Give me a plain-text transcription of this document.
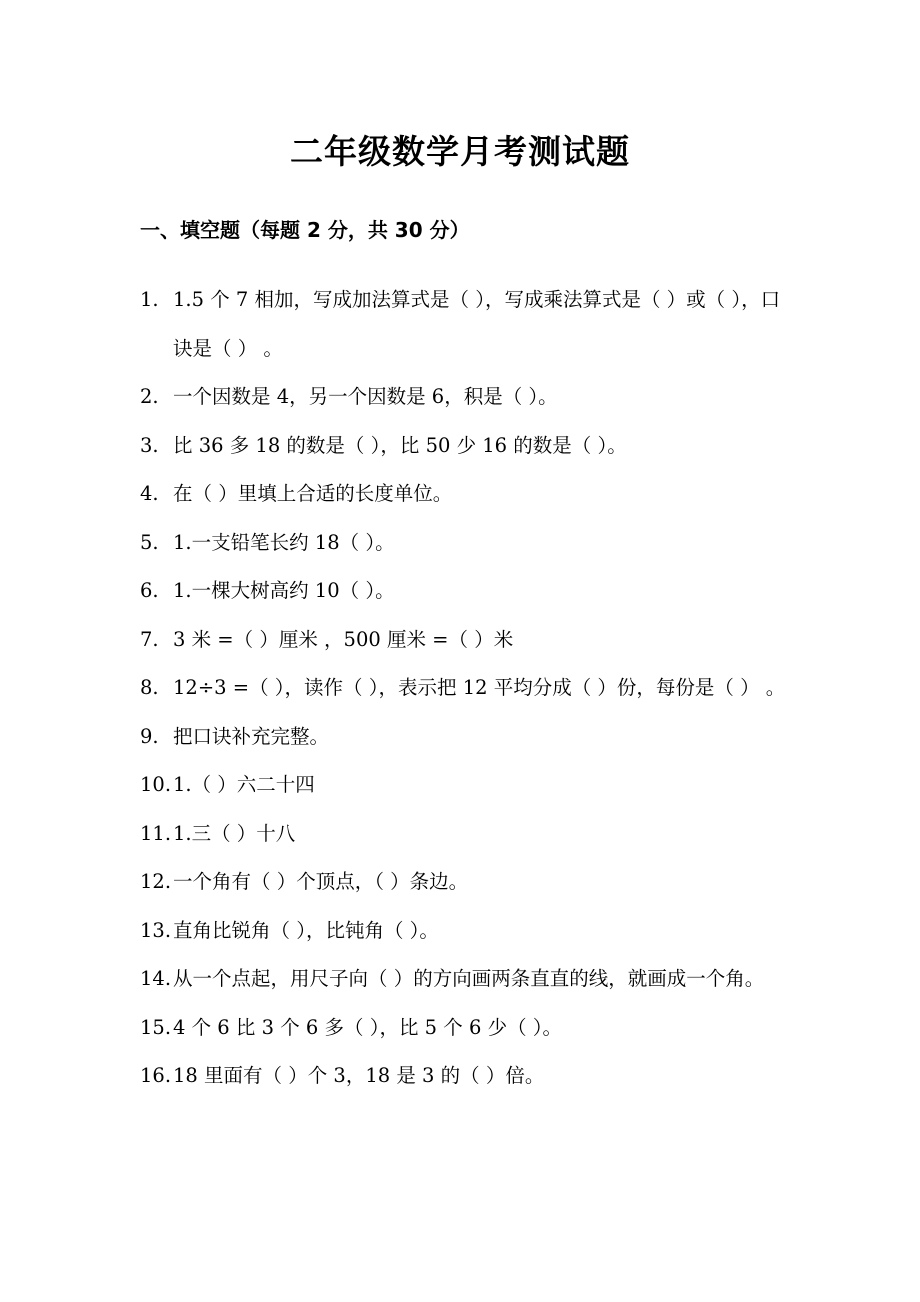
二年级数学月考测试题
一、填空题（每题 2 分，共 30 分）
1. 1.5 个 7 相加，写成加法算式是（ ），写成乘法算式是（ ）或（ ），口诀是（ ） 。
2. 一个因数是 4，另一个因数是 6，积是（ ）。
3. 比 36 多 18 的数是（ ），比 50 少 16 的数是（ ）。
4. 在（ ）里填上合适的长度单位。
5. 1.一支铅笔长约 18（ ）。
6. 1.一棵大树高约 10（ ）。
7. 3 米 =（ ）厘米 ，500 厘米 =（ ）米
8. 12÷3 =（ ），读作（ ），表示把 12 平均分成（ ）份，每份是（ ） 。
9. 把口诀补充完整。
10. 1.（ ）六二十四
11. 1.三（ ）十八
12. 一个角有（ ）个顶点，（ ）条边。
13. 直角比锐角（ ），比钝角（ ）。
14. 从一个点起，用尺子向（ ）的方向画两条直直的线，就画成一个角。
15. 4 个 6 比 3 个 6 多（ ），比 5 个 6 少（ ）。
16. 18 里面有（ ）个 3，18 是 3 的（ ）倍。
